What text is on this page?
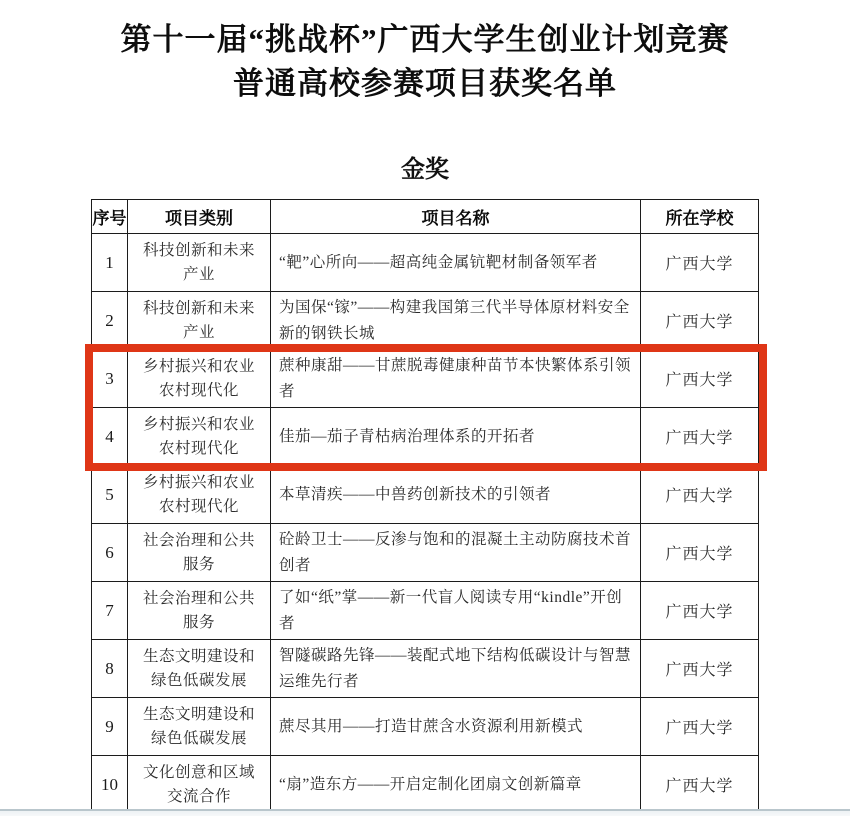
第十一届“挑战杯”广西大学生创业计划竞赛
普通高校参赛项目获奖名单
金奖
序号	项目类别	项目名称	所在学校
1	科技创新和未来产业	“靶”心所向——超高纯金属钪靶材制备领军者	广西大学
2	科技创新和未来产业	为国保“镓”——构建我国第三代半导体原材料安全新的钢铁长城	广西大学
3	乡村振兴和农业农村现代化	蔗种康甜——甘蔗脱毒健康种苗节本快繁体系引领者	广西大学
4	乡村振兴和农业农村现代化	佳茄—茄子青枯病治理体系的开拓者	广西大学
5	乡村振兴和农业农村现代化	本草清疾——中兽药创新技术的引领者	广西大学
6	社会治理和公共服务	砼龄卫士——反渗与饱和的混凝土主动防腐技术首创者	广西大学
7	社会治理和公共服务	了如“纸”掌——新一代盲人阅读专用“kindle”开创者	广西大学
8	生态文明建设和绿色低碳发展	智隧碳路先锋——装配式地下结构低碳设计与智慧运维先行者	广西大学
9	生态文明建设和绿色低碳发展	蔗尽其用——打造甘蔗含水资源利用新模式	广西大学
10	文化创意和区域交流合作	“扇”造东方——开启定制化团扇文创新篇章	广西大学
